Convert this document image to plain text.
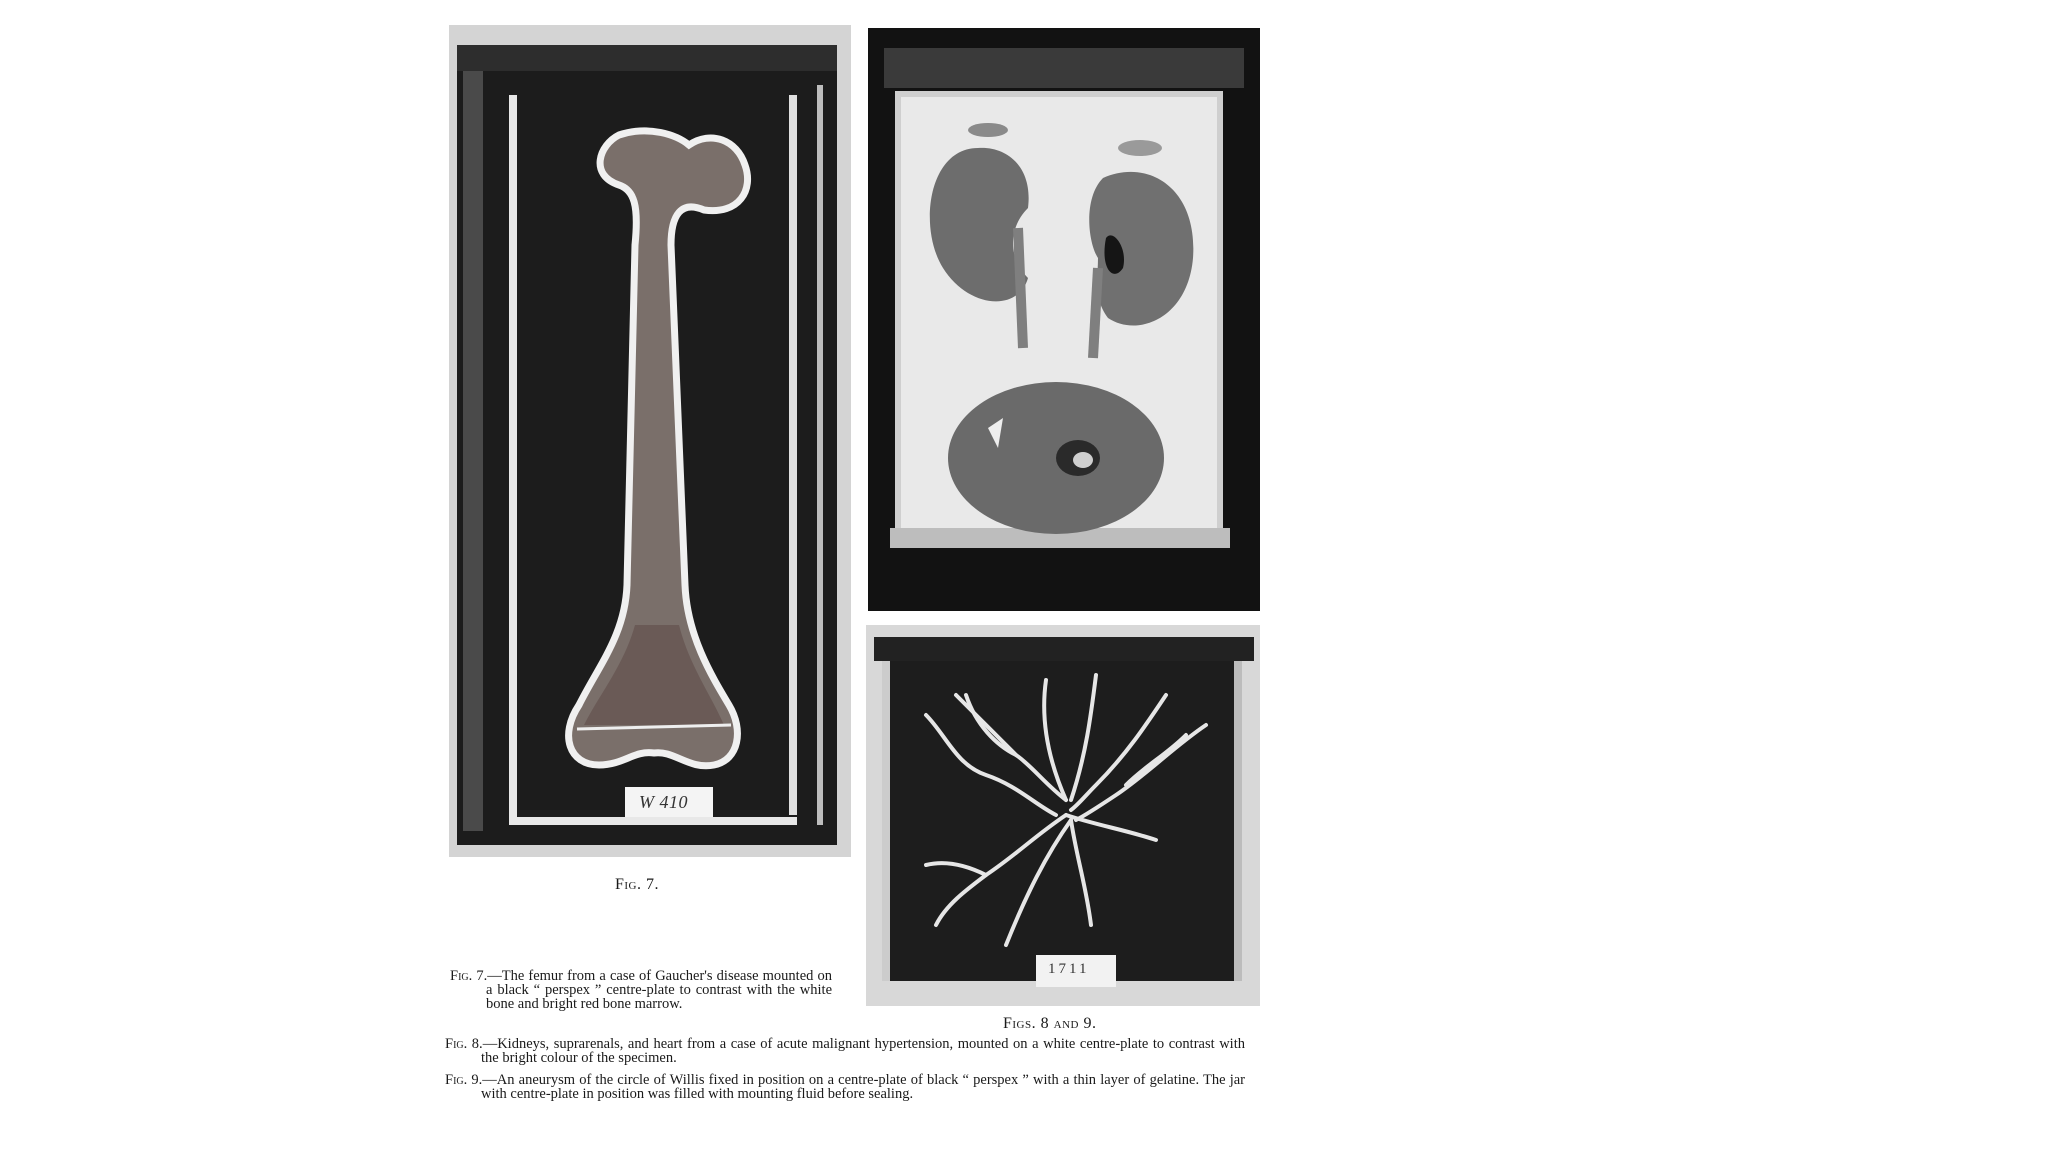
W 410
1711
Fig. 7.
Figs. 8 and 9.

Fig. 7.—The femur from a case of Gaucher's disease mounted on a black “ perspex ” centre-plate to contrast with the white bone and bright red bone marrow.

Fig. 8.—Kidneys, suprarenals, and heart from a case of acute malignant hypertension, mounted on a white centre-plate to contrast with the bright colour of the specimen.

Fig. 9.—An aneurysm of the circle of Willis fixed in position on a centre-plate of black “ perspex ” with a thin layer of gelatine. The jar with centre-plate in position was filled with mounting fluid before sealing.
